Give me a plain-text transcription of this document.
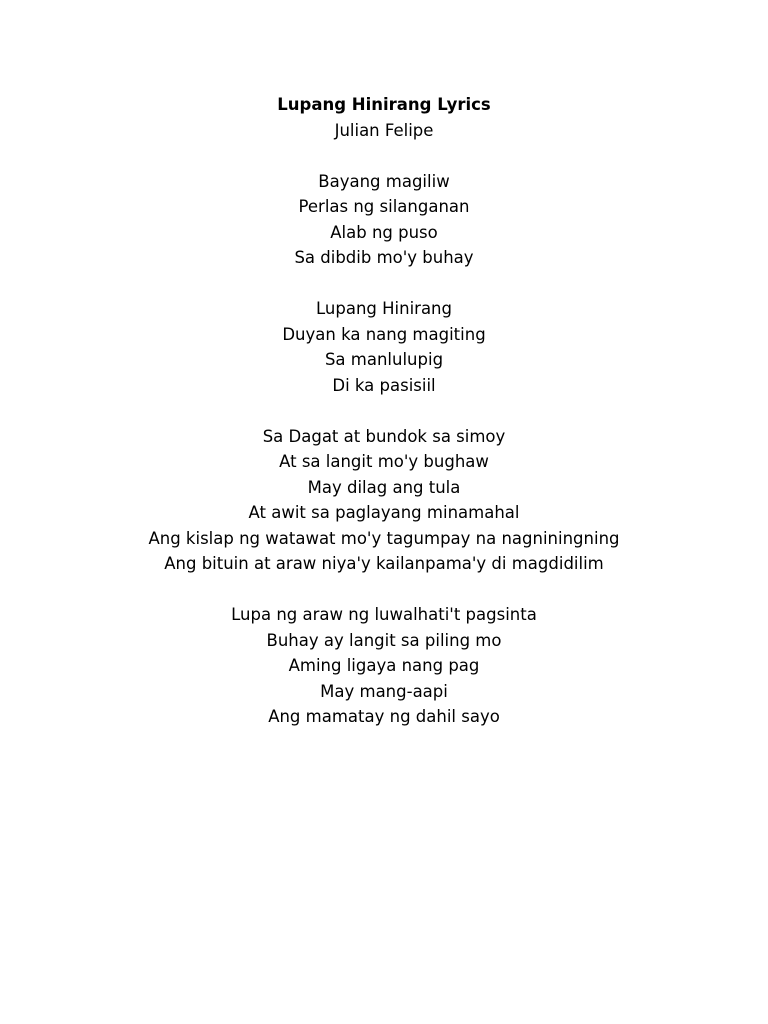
Lupang Hinirang Lyrics
Julian Felipe
Bayang magiliw
Perlas ng silanganan
Alab ng puso
Sa dibdib mo'y buhay
Lupang Hinirang
Duyan ka nang magiting
Sa manlulupig
Di ka pasisiil
Sa Dagat at bundok sa simoy
At sa langit mo'y bughaw
May dilag ang tula
At awit sa paglayang minamahal
Ang kislap ng watawat mo'y tagumpay na nagniningning
Ang bituin at araw niya'y kailanpama'y di magdidilim
Lupa ng araw ng luwalhati't pagsinta
Buhay ay langit sa piling mo
Aming ligaya nang pag
May mang-aapi
Ang mamatay ng dahil sayo
